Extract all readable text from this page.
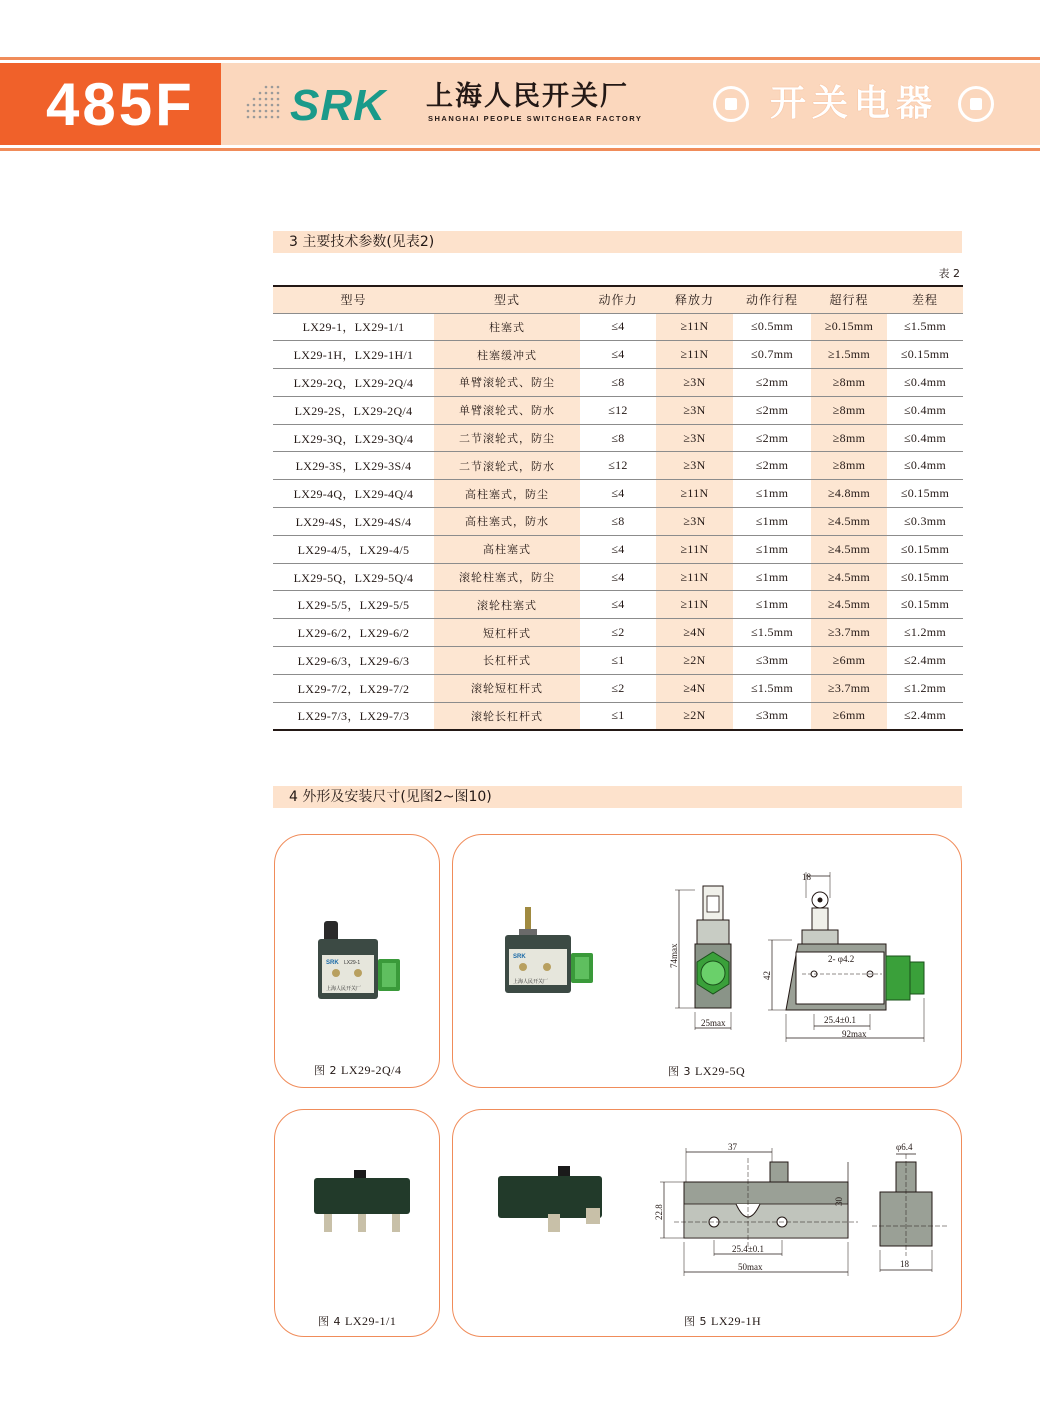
485F SRK 上海人民开关厂
SHANGHAI PEOPLE SWITCHGEAR FACTORY	开关电器
3 主要技术参数(见表2)
表 2
型号	型式	动作力	释放力	动作行程	超行程	差程
LX29-1，LX29-1/1	柱塞式	≤4	≥11N	≤0.5mm	≥0.15mm	≤1.5mm
LX29-1H，LX29-1H/1	柱塞缓冲式	≤4	≥11N	≤0.7mm	≥1.5mm	≤0.15mm
LX29-2Q，LX29-2Q/4	单臂滚轮式、防尘	≤8	≥3N	≤2mm	≥8mm	≤0.4mm
LX29-2S，LX29-2Q/4	单臂滚轮式、防水	≤12	≥3N	≤2mm	≥8mm	≤0.4mm
LX29-3Q，LX29-3Q/4	二节滚轮式，防尘	≤8	≥3N	≤2mm	≥8mm	≤0.4mm
LX29-3S，LX29-3S/4	二节滚轮式，防水	≤12	≥3N	≤2mm	≥8mm	≤0.4mm
LX29-4Q，LX29-4Q/4	高柱塞式，防尘	≤4	≥11N	≤1mm	≥4.8mm	≤0.15mm
LX29-4S，LX29-4S/4	高柱塞式，防水	≤8	≥3N	≤1mm	≥4.5mm	≤0.3mm
LX29-4/5，LX29-4/5	高柱塞式	≤4	≥11N	≤1mm	≥4.5mm	≤0.15mm
LX29-5Q，LX29-5Q/4	滚轮柱塞式，防尘	≤4	≥11N	≤1mm	≥4.5mm	≤0.15mm
LX29-5/5，LX29-5/5	滚轮柱塞式	≤4	≥11N	≤1mm	≥4.5mm	≤0.15mm
LX29-6/2，LX29-6/2	短杠杆式	≤2	≥4N	≤1.5mm	≥3.7mm	≤1.2mm
LX29-6/3，LX29-6/3	长杠杆式	≤1	≥2N	≤3mm	≥6mm	≤2.4mm
LX29-7/2，LX29-7/2	滚轮短杠杆式	≤2	≥4N	≤1.5mm	≥3.7mm	≤1.2mm
LX29-7/3，LX29-7/3	滚轮长杠杆式	≤1	≥2N	≤3mm	≥6mm	≤2.4mm
4 外形及安装尺寸(见图2~图10)
SRK LX29-1
上海人民开关厂
图 2 LX29-2Q/4
SRK
上海人民开关厂
74max
25max
18
2- φ4.2
42
25.4±0.1
92max
图 3 LX29-5Q
图 4 LX29-1/1
37
22.8
30
25.4±0.1
50max
φ6.4
18
图 5 LX29-1H
